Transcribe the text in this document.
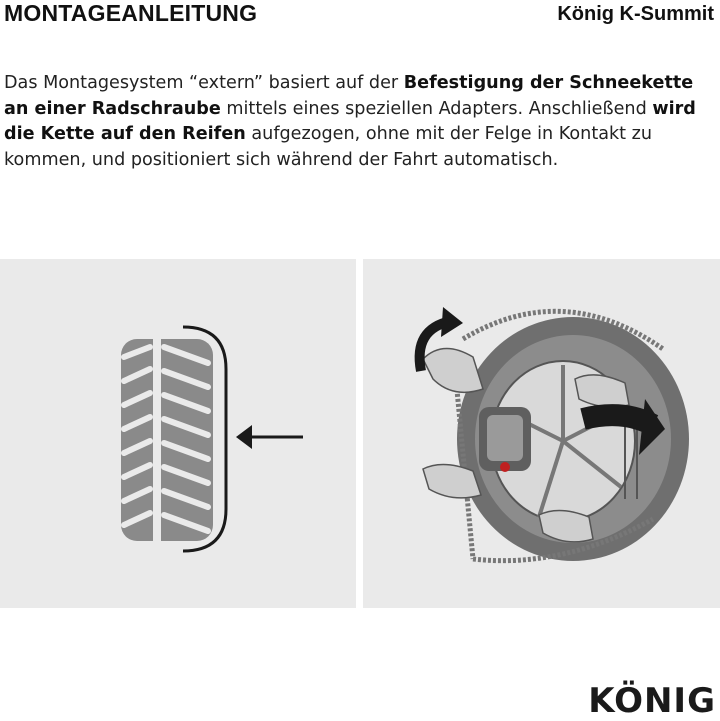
MONTAGEANLEITUNG	König K-Summit

Das Montagesystem “extern” basiert auf der Befestigung der Schneekette an einer Radschraube mittels eines speziellen Adapters. Anschließend wird die Kette auf den Reifen aufgezogen, ohne mit der Felge in Kontakt zu kommen, und positioniert sich während der Fahrt automatisch.

KÖNIG
